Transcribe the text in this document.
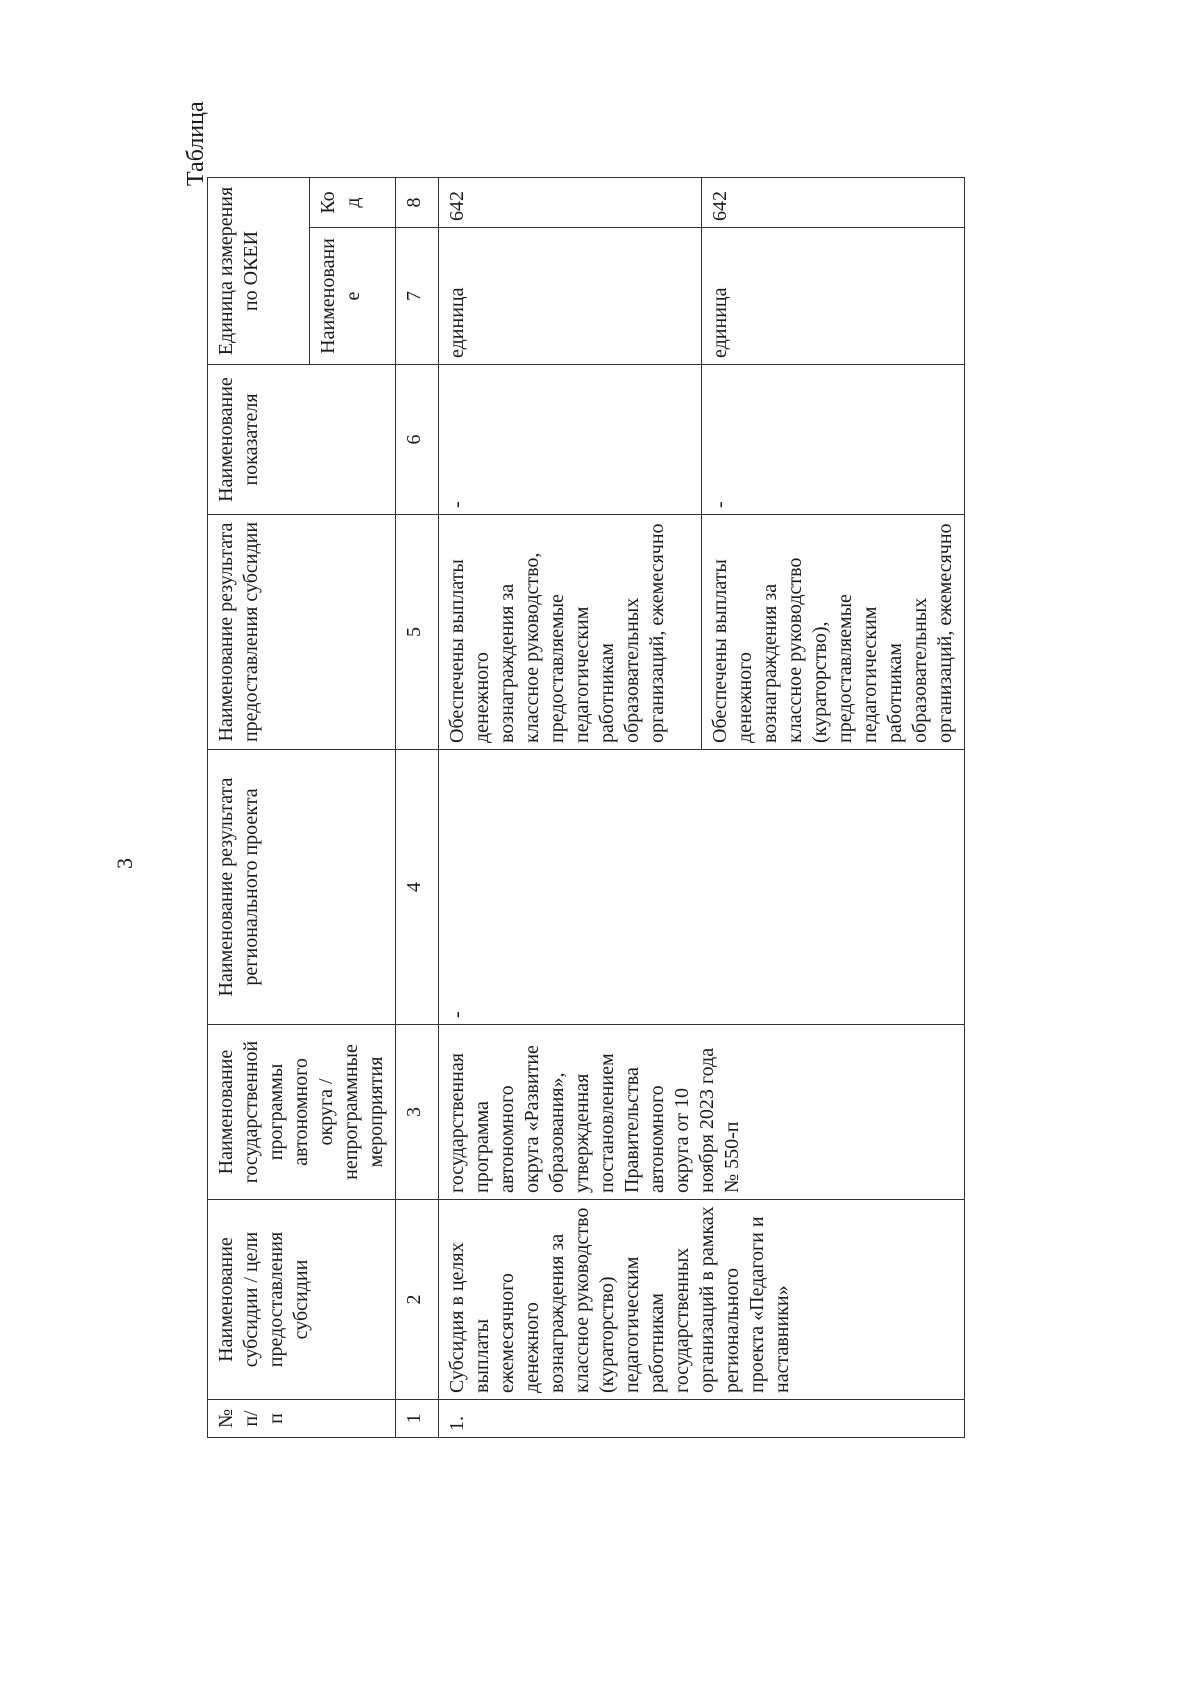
3
Таблица
№ п/ п	Наименование субсидии / цели предоставления субсидии	Наименование государственной программы автономного округа / непрограммные мероприятия	Наименование результата регионального проекта	Наименование результата предоставления субсидии	Наименование показателя	Единица измерения по ОКЕИ	
						Наименовани е	Ко д
1	2	3	4	5	6	7	8
1.	Субсидия в целях выплаты ежемесячного денежного вознаграждения за классное руководство (кураторство) педагогическим работникам государственных организаций в рамках регионального проекта «Педагоги и наставники»	государственная программа автономного округа «Развитие образования», утвержденная постановлением Правительства автономного округа от 10 ноября 2023 года № 550-п	-	Обеспечены выплаты денежного вознаграждения за классное руководство, предоставляемые педагогическим работникам образовательных организаций, ежемесячно	-	единица	642
				Обеспечены выплаты денежного вознаграждения за классное руководство (кураторство), предоставляемые педагогическим работникам образовательных организаций, ежемесячно	-	единица	642
